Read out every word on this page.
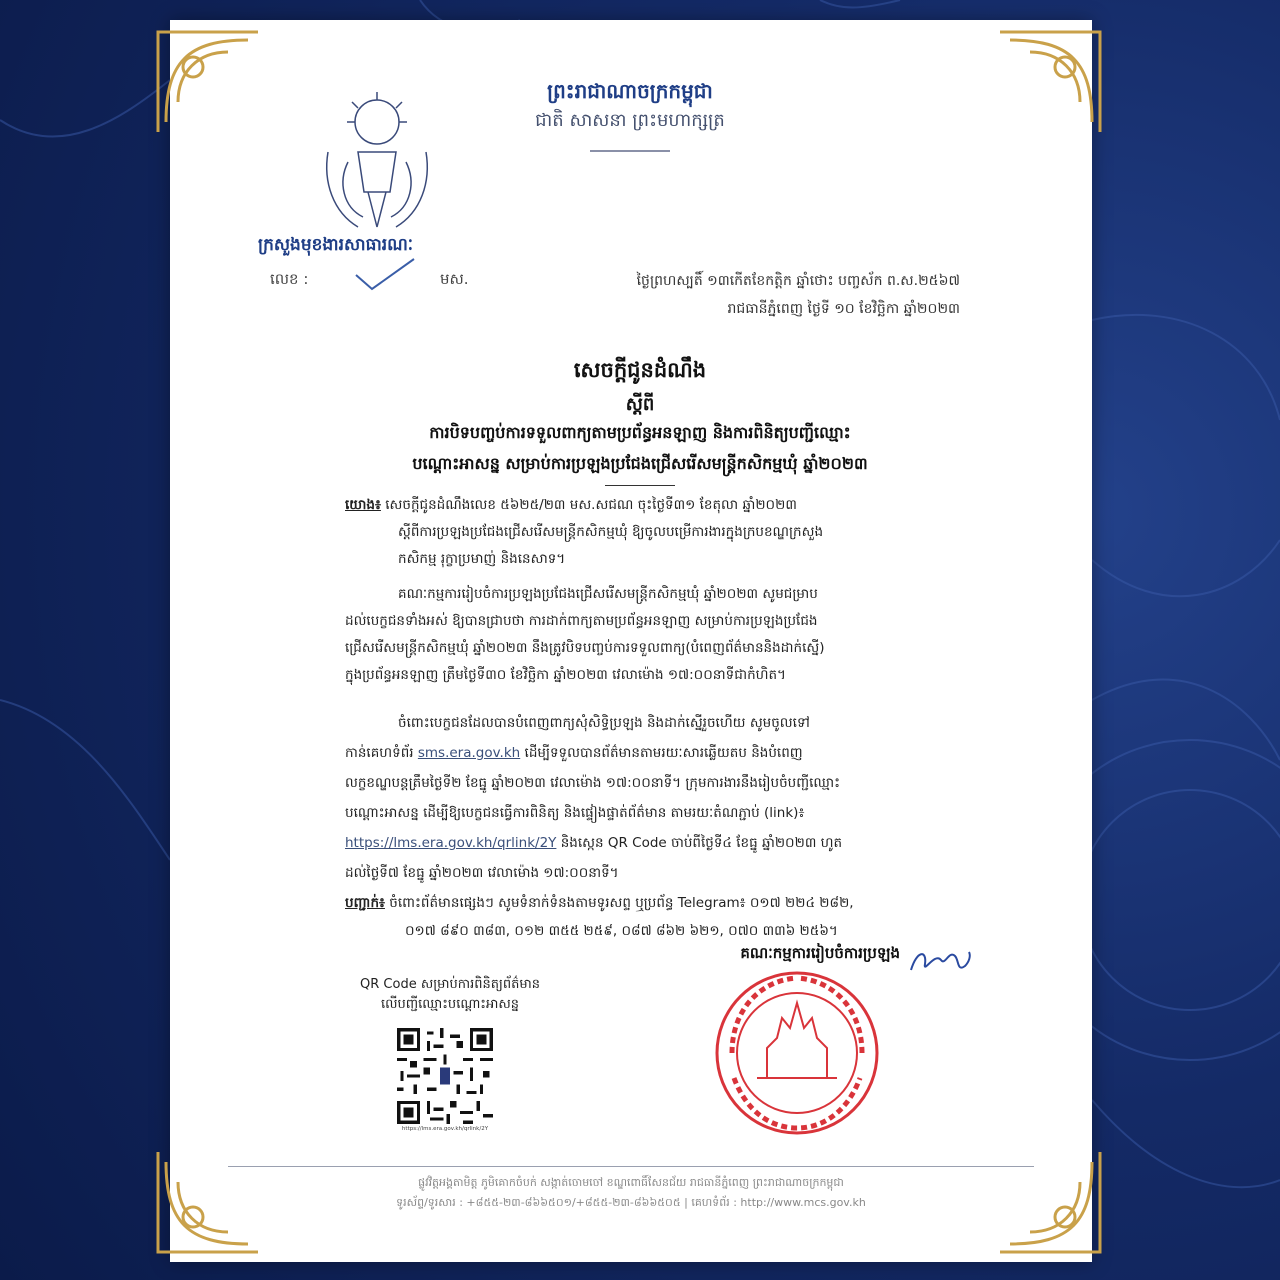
ព្រះរាជាណាចក្រកម្ពុជា
ជាតិ សាសនា ព្រះមហាក្សត្រ
ក្រសួងមុខងារសាធារណៈ
លេខ :	មស.	ថ្ងៃព្រហស្បតិ៍ ១៣កើតខែកត្តិក ឆ្នាំថោះ បញ្ចស័ក ព.ស.២៥៦៧
រាជធានីភ្នំពេញ ថ្ងៃទី ១០ ខែវិច្ឆិកា ឆ្នាំ២០២៣
សេចក្តីជូនដំណឹង
ស្តីពី
ការបិទបញ្ចប់ការទទួលពាក្យតាមប្រព័ន្ធអនឡាញ និងការពិនិត្យបញ្ជីឈ្មោះ
បណ្តោះអាសន្ន សម្រាប់ការប្រឡងប្រជែងជ្រើសរើសមន្ត្រីកសិកម្មឃុំ ឆ្នាំ២០២៣
យោង៖ សេចក្តីជូនដំណឹងលេខ ៥៦២៥/២៣ មស.សជណ ចុះថ្ងៃទី៣១ ខែតុលា ឆ្នាំ២០២៣
ស្តីពីការប្រឡងប្រជែងជ្រើសរើសមន្ត្រីកសិកម្មឃុំ ឱ្យចូលបម្រើការងារក្នុងក្របខណ្ឌក្រសួង
កសិកម្ម រុក្ខាប្រមាញ់ និងនេសាទ។
គណៈកម្មការរៀបចំការប្រឡងប្រជែងជ្រើសរើសមន្ត្រីកសិកម្មឃុំ ឆ្នាំ២០២៣ សូមជម្រាប
ដល់បេក្ខជនទាំងអស់ ឱ្យបានជ្រាបថា ការដាក់ពាក្យតាមប្រព័ន្ធអនឡាញ សម្រាប់ការប្រឡងប្រជែង
ជ្រើសរើសមន្ត្រីកសិកម្មឃុំ ឆ្នាំ២០២៣ នឹងត្រូវបិទបញ្ចប់ការទទួលពាក្យ(បំពេញព័ត៌មាននិងដាក់ស្នើ)
ក្នុងប្រព័ន្ធអនឡាញ ត្រឹមថ្ងៃទី៣០ ខែវិច្ឆិកា ឆ្នាំ២០២៣ វេលាម៉ោង ១៧:០០នាទីជាកំហិត។
ចំពោះបេក្ខជនដែលបានបំពេញពាក្យសុំសិទ្ធិប្រឡង និងដាក់ស្នើរួចហើយ សូមចូលទៅ
កាន់គេហទំព័រ sms.era.gov.kh ដើម្បីទទួលបានព័ត៌មានតាមរយៈសារឆ្លើយតប និងបំពេញ
លក្ខខណ្ឌបន្តត្រឹមថ្ងៃទី២ ខែធ្នូ ឆ្នាំ២០២៣ វេលាម៉ោង ១៧:០០នាទី។ ក្រុមការងារនឹងរៀបចំបញ្ជីឈ្មោះ
បណ្តោះអាសន្ន ដើម្បីឱ្យបេក្ខជនធ្វើការពិនិត្យ និងផ្ទៀងផ្ទាត់ព័ត៌មាន តាមរយៈតំណភ្ជាប់ (link)៖
https://lms.era.gov.kh/qrlink/2Y និងស្កេន QR Code ចាប់ពីថ្ងៃទី៤ ខែធ្នូ ឆ្នាំ២០២៣ ហូត
ដល់ថ្ងៃទី៧ ខែធ្នូ ឆ្នាំ២០២៣ វេលាម៉ោង ១៧:០០នាទី។
បញ្ជាក់៖ ចំពោះព័ត៌មានផ្សេងៗ សូមទំនាក់ទំនងតាមទូរសព្ទ ឬប្រព័ន្ធ Telegram៖ ០១៧ ២២៤ ២៨២,
០១៧ ៨៩០ ៣៨៣, ០១២ ៣៥៥ ២៥៩, ០៨៧ ៨៦២ ៦២១, ០៧០ ៣៣៦ ២៥៦។
គណៈកម្មការរៀបចំការប្រឡង
QR Code សម្រាប់ការពិនិត្យព័ត៌មាន
លើបញ្ជីឈ្មោះបណ្តោះអាសន្ន
https://lms.era.gov.kh/qrlink/2Y
ផ្លូវវិត្តអង្គតាមិត្ត ភូមិគោកចំបក់ សង្កាត់ចោមចៅ ខណ្ឌពោធិ៍សែនជ័យ រាជធានីភ្នំពេញ ព្រះរាជាណាចក្រកម្ពុជា
ទូរស័ព្ទ/ទូរសារ : +៨៥៥-២៣-៨៦៦៥០១/+៨៥៥-២៣-៨៦៦៥០៥ | គេហទំព័រ : http://www.mcs.gov.kh
